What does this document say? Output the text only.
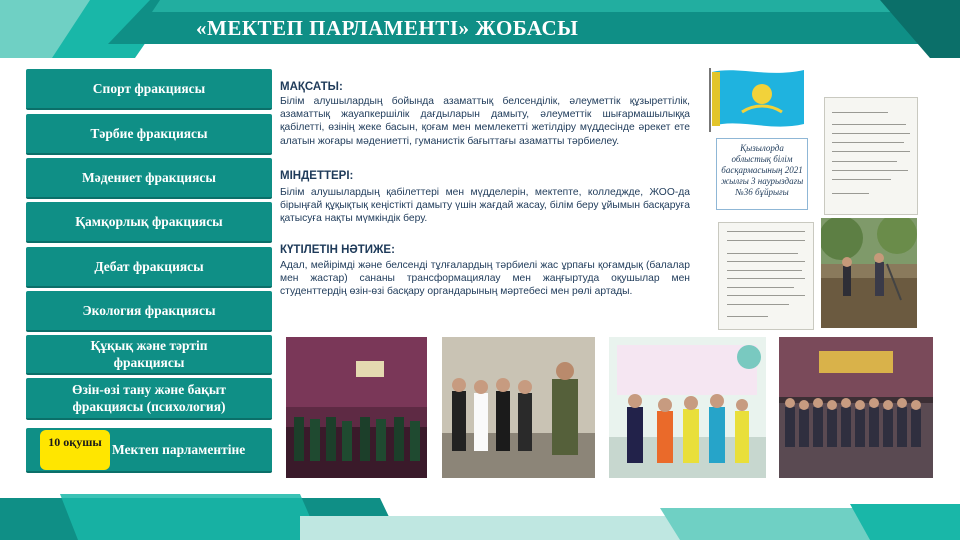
«МЕКТЕП ПАРЛАМЕНТІ» ЖОБАСЫ
Спорт фракциясы
Тәрбие фракциясы
Мәдениет фракциясы
Қамқорлық фракциясы
Дебат фракциясы
Экология фракциясы
Құқық және тәртіп фракциясы
Өзін-өзі тану және бақыт фракциясы (психология)
Мектеп парламентіне
10 оқушы
МАҚСАТЫ:
Білім алушылардың бойында азаматтық белсенділік, әлеуметтік құзыреттілік, азаматтық жауапкершілік дағдыларын дамыту, әлеуметтік шығармашылыққа қабілетті, өзінің жеке басын, қоғам мен мемлекетті жетілдіру мүддесінде әрекет ете алатын жоғары мәдениетті, гуманистік бағыттағы азаматты тәрбиелеу.
МІНДЕТТЕРІ:
Білім алушылардың қабілеттері мен мүдделерін, мектепте, колледжде, ЖОО-да бірыңғай құқықтық кеңістікті дамыту үшін жағдай жасау, білім беру ұйымын басқаруға қатысуға нақты мүмкіндік беру.
КҮТІЛЕТІН НӘТИЖЕ:
Адал, мейірімді және белсенді тұлғалардың тәрбиелі жас ұрпағы қоғамдық (балалар мен жастар) сананы трансформациялау мен жаңғыртуда оқушылар мен студенттердің өзін-өзі басқару органдарының мәртебесі мен рөлі артады.
Қызылорда облыстық білім басқармасының 2021 жылғы 3 наурыздағы №36 бұйрығы
